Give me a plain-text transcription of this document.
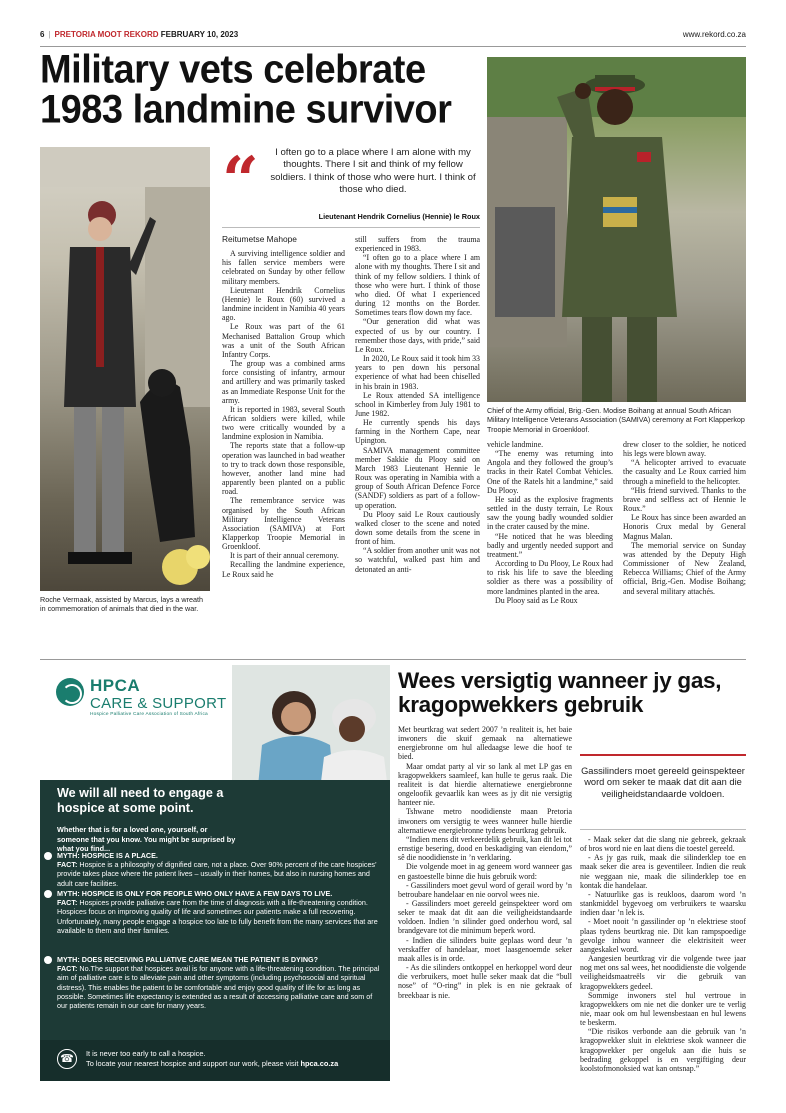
6 | PRETORIA MOOT REKORD FEBRUARY 10, 2023	www.rekord.co.za
Military vets celebrate 1983 landmine survivor
Roche Vermaak, assisted by Marcus, lays a wreath in commemoration of animals that died in the war.
Chief of the Army official, Brig.-Gen. Modise Boihang at annual South African Military Intelligence Veterans Association (SAMIVA) ceremony at Fort Klapperkop Troopie Memorial in Groenkloof.
“	I often go to a place where I am alone with my thoughts. There I sit and think of my fellow soldiers. I think of those who were hurt. I think of those who died.
Lieutenant Hendrik Cornelius (Hennie) le Roux

Reitumetse Mahope

A surviving intelligence soldier and his fallen service members were celebrated on Sunday by other fellow military members.

Lieutenant Hendrik Cornelius (Hennie) le Roux (60) survived a landmine incident in Namibia 40 years ago.

Le Roux was part of the 61 Mechanised Battalion Group which was a unit of the South African Infantry Corps.

The group was a combined arms force consisting of infantry, armour and artillery and was primarily tasked as an Immediate Response Unit for the army.

It is reported in 1983, several South African soldiers were killed, while two were critically wounded by a landmine explosion in Namibia.

The reports state that a follow-up operation was launched in bad weather to try to track down those responsible, however, another land mine had apparently been planted on a public road.

The remembrance service was organised by the South African Military Intelligence Veterans Association (SAMIVA) at Fort Klapperkop Troopie Memorial in Groenkloof.

It is part of their annual ceremony.

Recalling the landmine experience, Le Roux said he

still suffers from the trauma experienced in 1983.

“I often go to a place where I am alone with my thoughts. There I sit and think of my fellow soldiers. I think of those who were hurt. I think of those who died. Of what I experienced during 12 months on the Border. Sometimes tears flow down my face.

“Our generation did what was expected of us by our country. I remember those days, with pride,” said Le Roux.

In 2020, Le Roux said it took him 33 years to pen down his personal experience of what had been chiselled in his brain in 1983.

Le Roux attended SA intelligence school in Kimberley from July 1981 to June 1982.

He currently spends his days farming in the Northern Cape, near Upington.

SAMIVA management committee member Sakkie du Plooy said on March 1983 Lieutenant Hennie le Roux was operating in Namibia with a group of South African Defence Force (SANDF) soldiers as part of a follow-up operation.

Du Plooy said Le Roux cautiously walked closer to the scene and noted down some details from the scene in front of him.

“A soldier from another unit was not so watchful, walked past him and detonated an anti-

vehicle landmine.

“The enemy was returning into Angola and they followed the group’s tracks in their Ratel Combat Vehicles. One of the Ratels hit a landmine,” said Du Plooy.

He said as the explosive fragments settled in the dusty terrain, Le Roux saw the young badly wounded soldier in the crater caused by the mine.

“He noticed that he was bleeding badly and urgently needed support and treatment.”

According to Du Plooy, Le Roux had to risk his life to save the bleeding soldier as there was a possibility of more landmines planted in the area.

Du Plooy said as Le Roux

drew closer to the soldier, he noticed his legs were blown away.

“A helicopter arrived to evacuate the casualty and Le Roux carried him through a minefield to the helicopter.

“His friend survived. Thanks to the brave and selfless act of Hennie le Roux.”

Le Roux has since been awarded an Honoris Crux medal by General Magnus Malan.

The memorial service on Sunday was attended by the Deputy High Commissioner of New Zealand, Rebecca Williams; Chief of the Army official, Brig.-Gen. Modise Boihang; and several military attachés.

HPCA
CARE & SUPPORT
Hospice Palliative Care Association of South Africa
We will all need to engage a hospice at some point.
Whether that is for a loved one, yourself, or someone that you know. You might be surprised by what you find...
MYTH: HOSPICE IS A PLACE.
FACT: Hospice is a philosophy of dignified care, not a place. Over 90% percent of the care hospices’ provide takes place where the patient lives – usually in their homes, but also in nursing homes and adult care facilities.
MYTH: HOSPICE IS ONLY FOR PEOPLE WHO ONLY HAVE A FEW DAYS TO LIVE.
FACT: Hospices provide palliative care from the time of diagnosis with a life-threatening condition. Hospices focus on improving quality of life and sometimes our patients make a full recovering. Unfortunately, many people engage a hospice too late to fully benefit from the many services that are available to them and their families.
MYTH: DOES RECEIVING PALLIATIVE CARE MEAN THE PATIENT IS DYING?
FACT: No.The support that hospices avail is for anyone with a life-threatening condition. The principal aim of palliative care is to alleviate pain and other symptoms (including psychosocial and spiritual distress). This enables the patient to be comfortable and enjoy good quality of life for as long as possible. Sometimes life expectancy is extended as a result of accessing palliative care and som of our patients remain in our care for many years.
☎	It is never too early to call a hospice.
To locate your nearest hospice and support our work, please visit hpca.co.za
Wees versigtig wanneer jy gas, kragopwekkers gebruik

Met beurtkrag wat sedert 2007 ’n realiteit is, het baie inwoners die skuif gemaak na alternatiewe energiebronne om hul alledaagse lewe die hoof te bied.

Maar omdat party al vir so lank al met LP gas en kragopwekkers saamleef, kan hulle te gerus raak. Die realiteit is dat hierdie alternatiewe energiebronne ongeloofik gevaarlik kan wees as jy dit nie versigtig hanteer nie.

Tshwane metro noodidienste maan Pretoria inwoners om versigtig te wees wanneer hulle hierdie alternatiewe energiebronne tydens beurtkrag gebruik.

“Indien mens dit verkeerdelik gebruik, kan dit lei tot ernstige besering, dood en beskadiging van eiendom,” sê die noodidienste in ’n verklaring.

Die volgende moet in ag geneem word wanneer gas en gastoestelle binne die huis gebruik word:

- Gassilinders moet gevul word of gerail word by ’n betroubare handelaar en nie oorvol wees nie.

- Gassilinders moet gereeld geinspekteer word om seker te maak dat dit aan die veiligheidstandaarde voldoen. Indien ’n silinder goed onderhou word, sal brandgevare tot die minimum beperk word.

- Indien die silinders buite geplaas word deur ’n verskaffer of handelaar, moet laasgenoemde seker maak alles is in orde.

- As die silinders ontkoppel en herkoppel word deur die verbruikers, moet hulle seker maak dat die “bull nose” of “O-ring” in plek is en nie gekraak of breekbaar is nie.

Gassilinders moet gereeld geinspekteer word om seker te maak dat dit aan die veiligheidstandaarde voldoen.

- Maak seker dat die slang nie gebreek, gekraak of bros word nie en laat diens die toestel gereeld.

- As jy gas ruik, maak die silinderklep toe en maak seker die area is geventileer. Indien die reuk nie weggaan nie, maak die silinderklep toe en kontak die handelaar.

- Natuurlike gas is reukloos, daarom word ’n stankmiddel bygevoeg om verbruikers te waarsku indien daar ’n lek is.

- Moet nooit ’n gassilinder op ’n elektriese stoof plaas tydens beurtkrag nie. Dit kan rampspoedige gevolge inhou wanneer die elektrisiteit weer aangeskakel word.

Aangesien beurtkrag vir die volgende twee jaar nog met ons sal wees, het noodidienste die volgende veiligheidsmaatreëls vir die gebruik van kragopwekkers gedeel.

Sommige inwoners stel hul vertroue in kragopwekkers om nie net die donker ure te verlig nie, maar ook om hul lewensbestaan en hul lewens te beskerm.

“Die risikos verbonde aan die gebruik van ’n kragopwekker sluit in elektriese skok wanneer die kragopwekker per ongeluk aan die huis se bedrading gekoppel is en vergiftiging deur koolstofmonoksied wat kan ontsnap.”
